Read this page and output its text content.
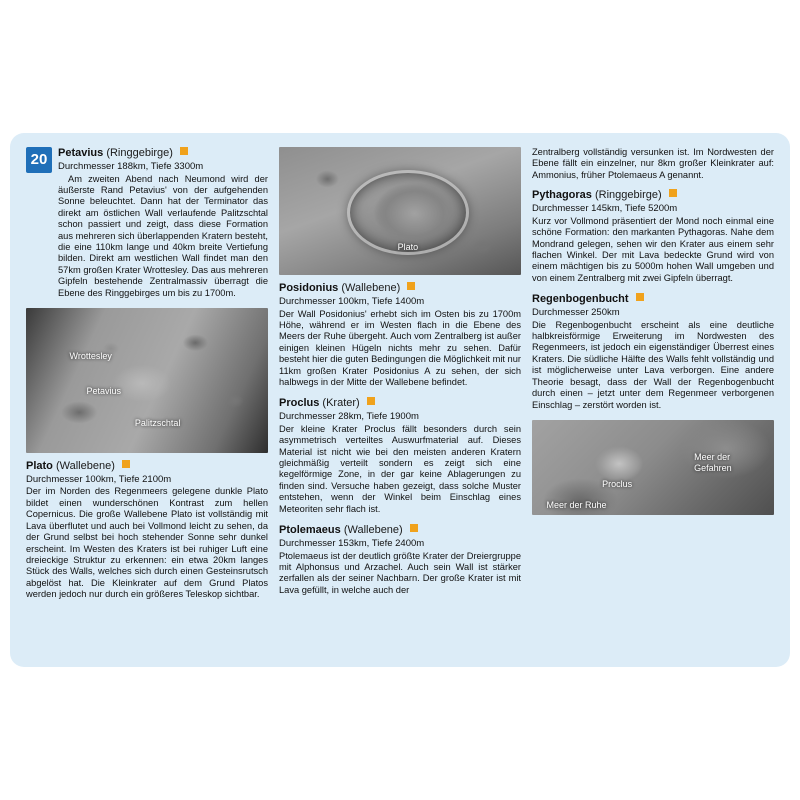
20 Petavius (Ringgebirge)
Durchmesser 188km, Tiefe 3300m
Am zweiten Abend nach Neumond wird der äußerste Rand Petavius' von der aufgehenden Sonne beleuchtet. Dann hat der Terminator das direkt am östlichen Wall verlaufende Palitzschtal schon passiert und zeigt, dass diese Formation aus mehreren sich überlappenden Kratern besteht, die eine 110km lange und 40km breite Vertiefung bilden. Direkt am westlichen Wall findet man den 57km großen Krater Wrottesley. Das aus mehreren Gipfeln bestehende Zentralmassiv überragt die Ebene des Ringgebirges um bis zu 1700m.
Wrottesley
Petavius
Palitzschtal
Plato (Wallebene)
Durchmesser 100km, Tiefe 2100m
Der im Norden des Regenmeers gelegene dunkle Plato bildet einen wunderschönen Kontrast zum hellen Copernicus. Die große Wallebene Plato ist vollständig mit Lava überflutet und auch bei Vollmond leicht zu sehen, da der Grund selbst bei hoch stehender Sonne sehr dunkel erscheint. Im Westen des Kraters ist bei ruhiger Luft eine dreieckige Struktur zu erkennen: ein etwa 20km langes Stück des Walls, welches sich durch einen Gesteinsrutsch abgelöst hat. Die Kleinkrater auf dem Grund Platos werden jedoch nur durch ein größeres Teleskop sichtbar.
Plato
Posidonius (Wallebene)
Durchmesser 100km, Tiefe 1400m
Der Wall Posidonius' erhebt sich im Osten bis zu 1700m Höhe, während er im Westen flach in die Ebene des Meers der Ruhe übergeht. Auch vom Zentralberg ist außer einigen kleinen Hügeln nichts mehr zu sehen. Dafür besteht hier die guten Bedingungen die Möglichkeit mit nur 11km großen Krater Posidonius A zu sehen, der sich halbwegs in der Mitte der Wallebene befindet.
Proclus (Krater)
Durchmesser 28km, Tiefe 1900m
Der kleine Krater Proclus fällt besonders durch sein asymmetrisch verteiltes Auswurfmaterial auf. Dieses Material ist nicht wie bei den meisten anderen Kratern gleichmäßig verteilt sondern es zeigt sich eine kegelförmige Zone, in der gar keine Ablagerungen zu finden sind. Versuche haben gezeigt, dass solche Muster entstehen, wenn der Winkel beim Einschlag eines Meteoriten sehr flach ist.
Ptolemaeus (Wallebene)
Durchmesser 153km, Tiefe 2400m
Ptolemaeus ist der deutlich größte Krater der Dreiergruppe mit Alphonsus und Arzachel. Auch sein Wall ist stärker zerfallen als der seiner Nachbarn. Der große Krater ist mit Lava gefüllt, in welche auch der
Zentralberg vollständig versunken ist. Im Nordwesten der Ebene fällt ein einzelner, nur 8km großer Kleinkrater auf: Ammonius, früher Ptolemaeus A genannt.
Pythagoras (Ringgebirge)
Durchmesser 145km, Tiefe 5200m
Kurz vor Vollmond präsentiert der Mond noch einmal eine schöne Formation: den markanten Pythagoras. Nahe dem Mondrand gelegen, sehen wir den Krater aus einem sehr flachen Winkel. Der mit Lava bedeckte Grund wird von einem mächtigen bis zu 5000m hohen Wall umgeben und von einem Zentralberg mit zwei Gipfeln überragt.
Regenbogenbucht
Durchmesser 250km
Die Regenbogenbucht erscheint als eine deutliche halbkreisförmige Erweiterung im Nordwesten des Regenmeers, ist jedoch ein eigenständiger Überrest eines Kraters. Die südliche Hälfte des Walls fehlt vollständig und ist möglicherweise unter Lava verborgen. Eine andere Theorie besagt, dass der Wall der Regenbogenbucht durch einen – jetzt unter dem Regenmeer verborgenen Einschlag – zerstört worden ist.
Meer der
Gefahren
Proclus
Meer der Ruhe
